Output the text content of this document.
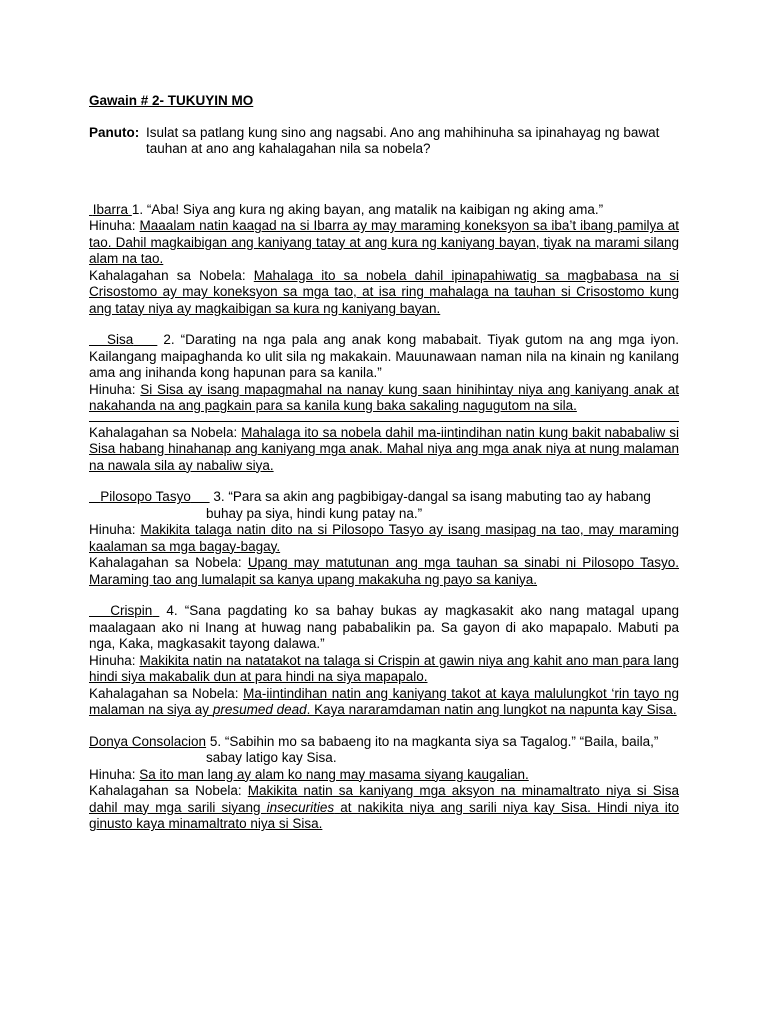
Gawain # 2- TUKUYIN MO
Panuto: Isulat sa patlang kung sino ang nagsabi. Ano ang mahihinuha sa ipinahayag ng bawat tauhan at ano ang kahalagahan nila sa nobela?

Ibarra 1. “Aba! Siya ang kura ng aking bayan, ang matalik na kaibigan ng aking ama.”

Hinuha: Maaalam natin kaagad na si Ibarra ay may maraming koneksyon sa iba’t ibang pamilya at tao. Dahil magkaibigan ang kaniyang tatay at ang kura ng kaniyang bayan, tiyak na marami silang alam na tao.

Kahalagahan sa Nobela: Mahalaga ito sa nobela dahil ipinapahiwatig sa magbabasa na si Crisostomo ay may koneksyon sa mga tao, at isa ring mahalaga na tauhan si Crisostomo kung ang tatay niya ay magkaibigan sa kura ng kaniyang bayan.

Sisa 2. “Darating na nga pala ang anak kong mababait. Tiyak gutom na ang mga iyon. Kailangang maipaghanda ko ulit sila ng makakain. Mauunawaan naman nila na kinain ng kanilang ama ang inihanda kong hapunan para sa kanila.”

Hinuha: Si Sisa ay isang mapagmahal na nanay kung saan hinihintay niya ang kaniyang anak at nakahanda na ang pagkain para sa kanila kung baka sakaling nagugutom na sila.

Kahalagahan sa Nobela: Mahalaga ito sa nobela dahil ma-iintindihan natin kung bakit nababaliw si Sisa habang hinahanap ang kaniyang mga anak. Mahal niya ang mga anak niya at nung malaman na nawala sila ay nabaliw siya.

Pilosopo Tasyo 3. “Para sa akin ang pagbibigay-dangal sa isang mabuting tao ay habang
buhay pa siya, hindi kung patay na.”

Hinuha: Makikita talaga natin dito na si Pilosopo Tasyo ay isang masipag na tao, may maraming kaalaman sa mga bagay-bagay.

Kahalagahan sa Nobela: Upang may matutunan ang mga tauhan sa sinabi ni Pilosopo Tasyo. Maraming tao ang lumalapit sa kanya upang makakuha ng payo sa kaniya.

Crispin 4. “Sana pagdating ko sa bahay bukas ay magkasakit ako nang matagal upang maalagaan ako ni Inang at huwag nang pababalikin pa. Sa gayon di ako mapapalo. Mabuti pa nga, Kaka, magkasakit tayong dalawa.”

Hinuha: Makikita natin na natatakot na talaga si Crispin at gawin niya ang kahit ano man para lang hindi siya makabalik dun at para hindi na siya mapapalo.

Kahalagahan sa Nobela: Ma-iintindihan natin ang kaniyang takot at kaya malulungkot ‘rin tayo ng malaman na siya ay presumed dead. Kaya nararamdaman natin ang lungkot na napunta kay Sisa.

Donya Consolacion 5. “Sabihin mo sa babaeng ito na magkanta siya sa Tagalog.” “Baila, baila,”
sabay latigo kay Sisa.

Hinuha: Sa ito man lang ay alam ko nang may masama siyang kaugalian.

Kahalagahan sa Nobela: Makikita natin sa kaniyang mga aksyon na minamaltrato niya si Sisa dahil may mga sarili siyang insecurities at nakikita niya ang sarili niya kay Sisa. Hindi niya ito ginusto kaya minamaltrato niya si Sisa.
